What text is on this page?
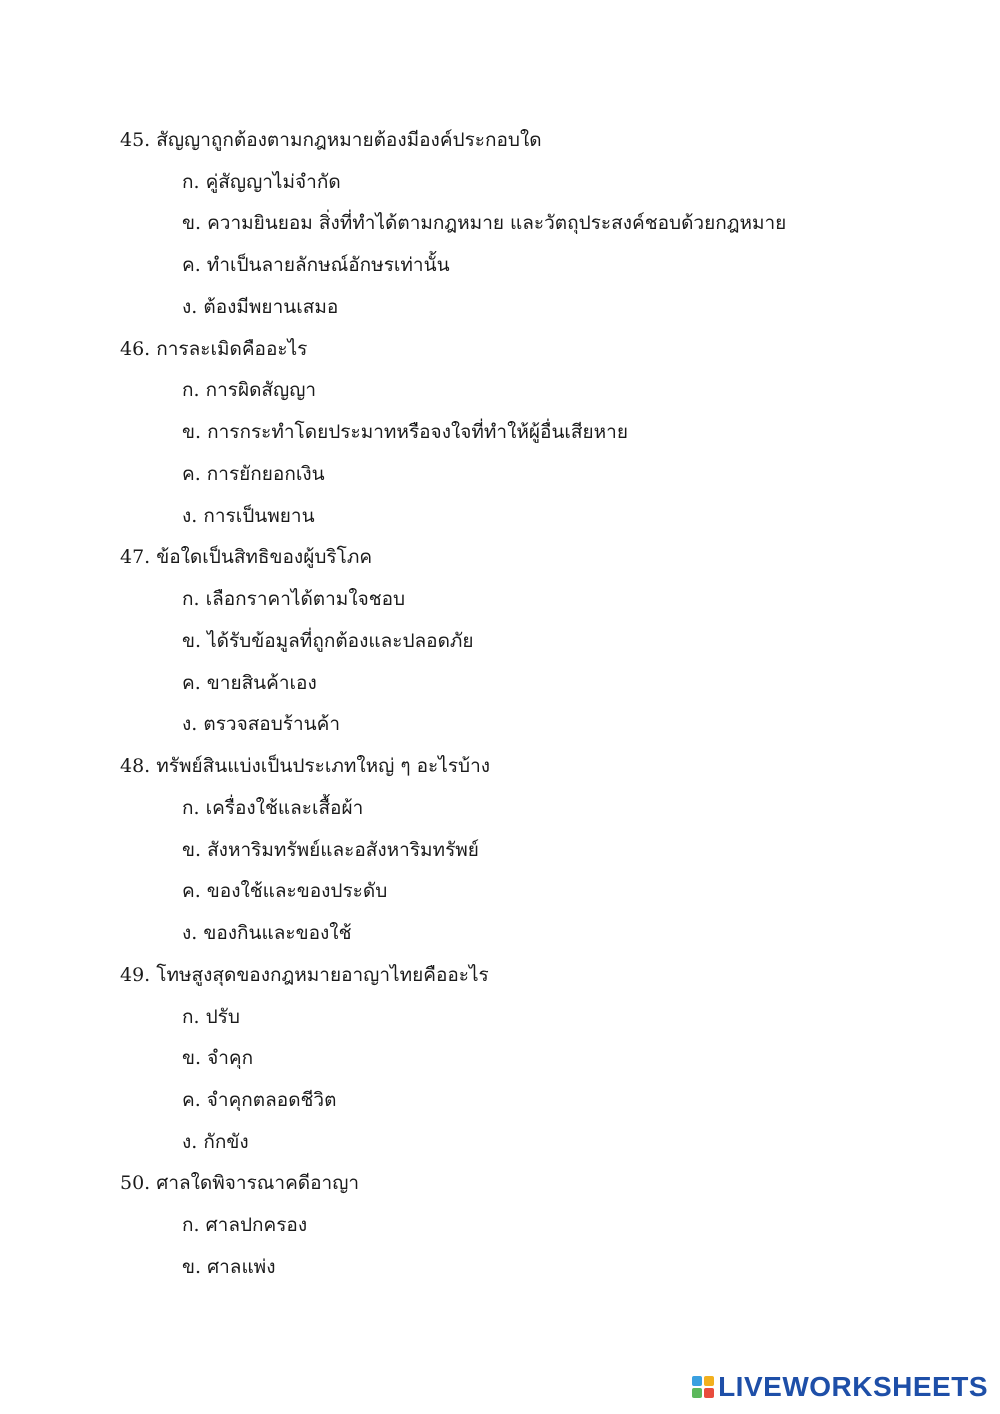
45. สัญญาถูกต้องตามกฎหมายต้องมีองค์ประกอบใด
ก. คู่สัญญาไม่จำกัด
ข. ความยินยอม สิ่งที่ทำได้ตามกฎหมาย และวัตถุประสงค์ชอบด้วยกฎหมาย
ค. ทำเป็นลายลักษณ์อักษรเท่านั้น
ง. ต้องมีพยานเสมอ
46. การละเมิดคืออะไร
ก. การผิดสัญญา
ข. การกระทำโดยประมาทหรือจงใจที่ทำให้ผู้อื่นเสียหาย
ค. การยักยอกเงิน
ง. การเป็นพยาน
47. ข้อใดเป็นสิทธิของผู้บริโภค
ก. เลือกราคาได้ตามใจชอบ
ข. ได้รับข้อมูลที่ถูกต้องและปลอดภัย
ค. ขายสินค้าเอง
ง. ตรวจสอบร้านค้า
48. ทรัพย์สินแบ่งเป็นประเภทใหญ่ ๆ อะไรบ้าง
ก. เครื่องใช้และเสื้อผ้า
ข. สังหาริมทรัพย์และอสังหาริมทรัพย์
ค. ของใช้และของประดับ
ง. ของกินและของใช้
49. โทษสูงสุดของกฎหมายอาญาไทยคืออะไร
ก. ปรับ
ข. จำคุก
ค. จำคุกตลอดชีวิต
ง. กักขัง
50. ศาลใดพิจารณาคดีอาญา
ก. ศาลปกครอง
ข. ศาลแพ่ง
LIVEWORKSHEETS
